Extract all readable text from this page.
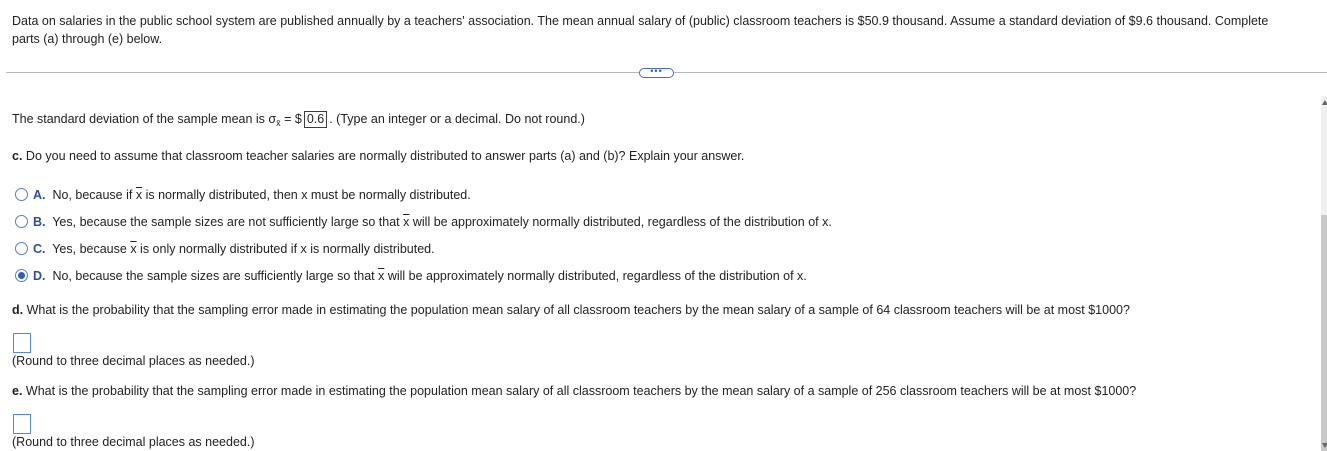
Data on salaries in the public school system are published annually by a teachers' association. The mean annual salary of (public) classroom teachers is $50.9 thousand. Assume a standard deviation of $9.6 thousand. Complete
parts (a) through (e) below.
•••
The standard deviation of the sample mean is $\sigma_{x̄}$ = $ 0.6 . (Type an integer or a decimal. Do not round.)
c. Do you need to assume that classroom teacher salaries are normally distributed to answer parts (a) and (b)? Explain your answer.
A. No, because if $\overline{x}$ is normally distributed, then x must be normally distributed.
B. Yes, because the sample sizes are not sufficiently large so that $\overline{x}$ will be approximately normally distributed, regardless of the distribution of x.
C. Yes, because $\overline{x}$ is only normally distributed if x is normally distributed.
D. No, because the sample sizes are sufficiently large so that $\overline{x}$ will be approximately normally distributed, regardless of the distribution of x.
d. What is the probability that the sampling error made in estimating the population mean salary of all classroom teachers by the mean salary of a sample of 64 classroom teachers will be at most $1000?
(Round to three decimal places as needed.)
e. What is the probability that the sampling error made in estimating the population mean salary of all classroom teachers by the mean salary of a sample of 256 classroom teachers will be at most $1000?
(Round to three decimal places as needed.)
